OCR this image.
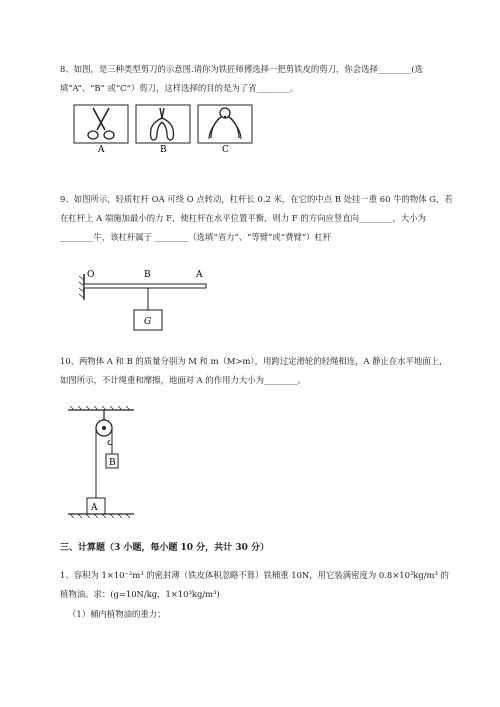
8、如图，是三种类型剪刀的示意图.请你为铁匠师傅选择一把剪铁皮的剪刀，你会选择________(选填“A”、“B” 或“C”）剪刀，这样选择的目的是为了省________。

A	B	C

9、如图所示，轻质杠杆 OA 可绕 O 点转动，杠杆长 0.2 米，在它的中点 B 处挂一重 60 牛的物体 G，若在杠杆上 A 端施加最小的力 F，使杠杆在水平位置平衡，则力 F 的方向应竖直向________，大小为________牛，该杠杆属于 ________（选填“省力”、“等臂”或“费臂”）杠杆

O	B	A
G

10、两物体 A 和 B 的质量分别为 M 和 m（M>m），用跨过定滑轮的轻绳相连，A 静止在水平地面上，如图所示，不计绳重和摩擦，地面对 A 的作用力大小为________。

B
A
三、计算题（3 小题，每小题 10 分，共计 30 分）

1、容积为 1×10⁻²m³ 的密封薄（铁皮体积忽略不算）铁桶重 10N，用它装满密度为 0.8×10³kg/m³ 的植物油。求：(g=10N/kg，1×10³kg/m³)

（1）桶内植物油的重力；
